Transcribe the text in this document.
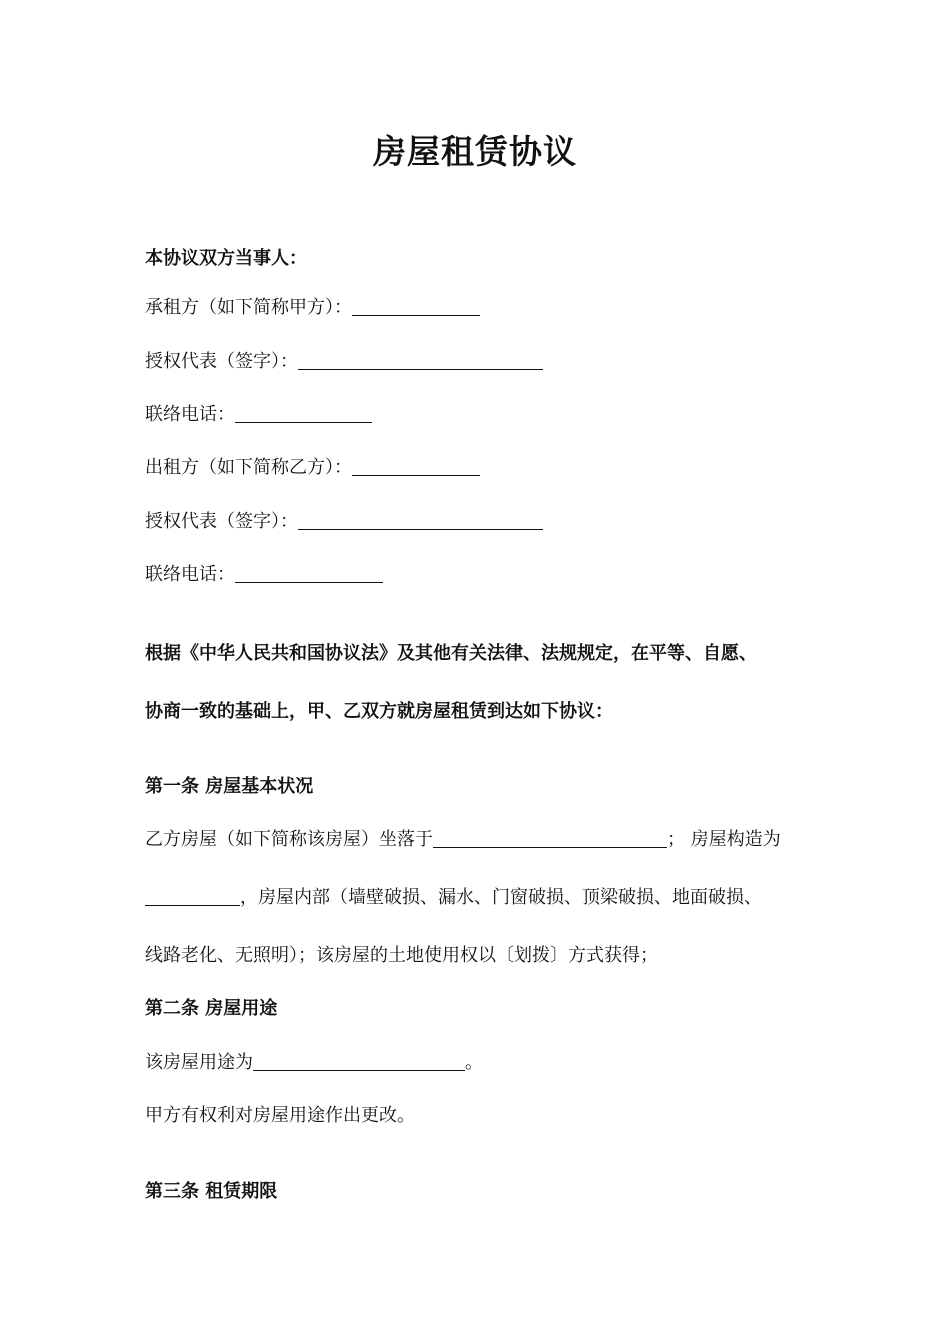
房屋租赁协议
本协议双方当事人：
承租方（如下简称甲方）：
授权代表（签字）：
联络电话：
出租方（如下简称乙方）：
授权代表（签字）：
联络电话：
根据《中华人民共和国协议法》及其他有关法律、法规规定，在平等、自愿、
协商一致的基础上，甲、乙双方就房屋租赁到达如下协议：
第一条 房屋基本状况
乙方房屋（如下简称该房屋）坐落于	； 房屋构造为
，房屋内部（墙壁破损、漏水、门窗破损、顶梁破损、地面破损、
线路老化、无照明）；该房屋的土地使用权以〔划拨〕方式获得；
第二条 房屋用途
该房屋用途为	。
甲方有权利对房屋用途作出更改。
第三条 租赁期限
